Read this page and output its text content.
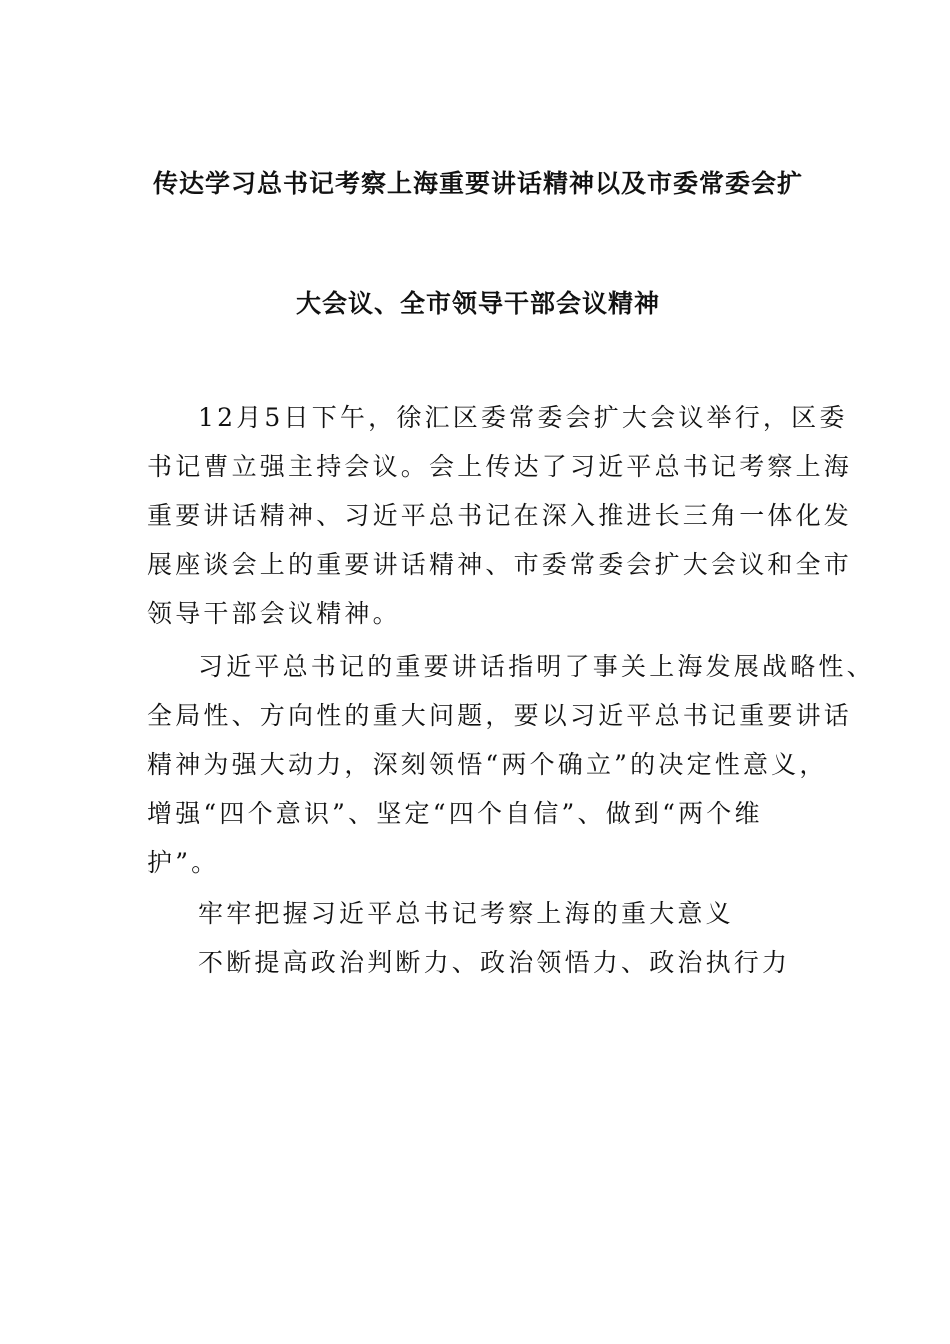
传达学习总书记考察上海重要讲话精神以及市委常委会扩
大会议、全市领导干部会议精神
12月5日下午，徐汇区委常委会扩大会议举行，区委
书记曹立强主持会议。会上传达了习近平总书记考察上海
重要讲话精神、习近平总书记在深入推进长三角一体化发
展座谈会上的重要讲话精神、市委常委会扩大会议和全市
领导干部会议精神。
习近平总书记的重要讲话指明了事关上海发展战略性、
全局性、方向性的重大问题，要以习近平总书记重要讲话
精神为强大动力，深刻领悟“两个确立”的决定性意义，
增强“四个意识”、坚定“四个自信”、做到“两个维
护”。
牢牢把握习近平总书记考察上海的重大意义
不断提高政治判断力、政治领悟力、政治执行力
